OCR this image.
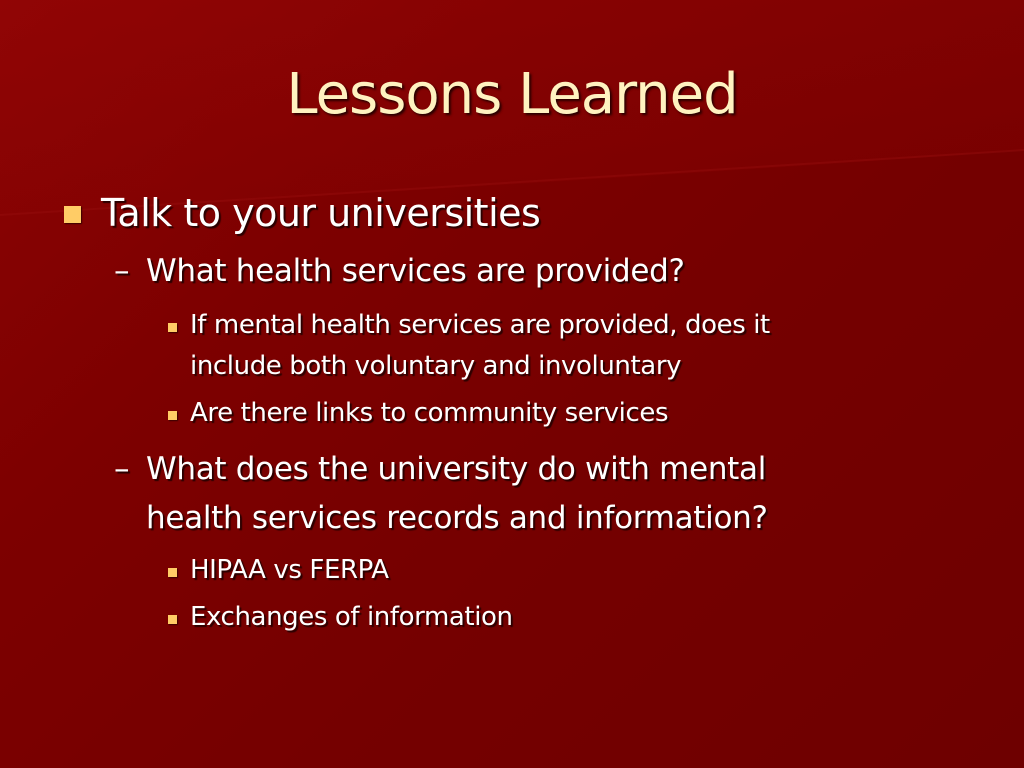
Lessons Learned
Talk to your universities
– What health services are provided?
If mental health services are provided, does it
include both voluntary and involuntary
Are there links to community services
– What does the university do with mental
health services records and information?
HIPAA vs FERPA
Exchanges of information
